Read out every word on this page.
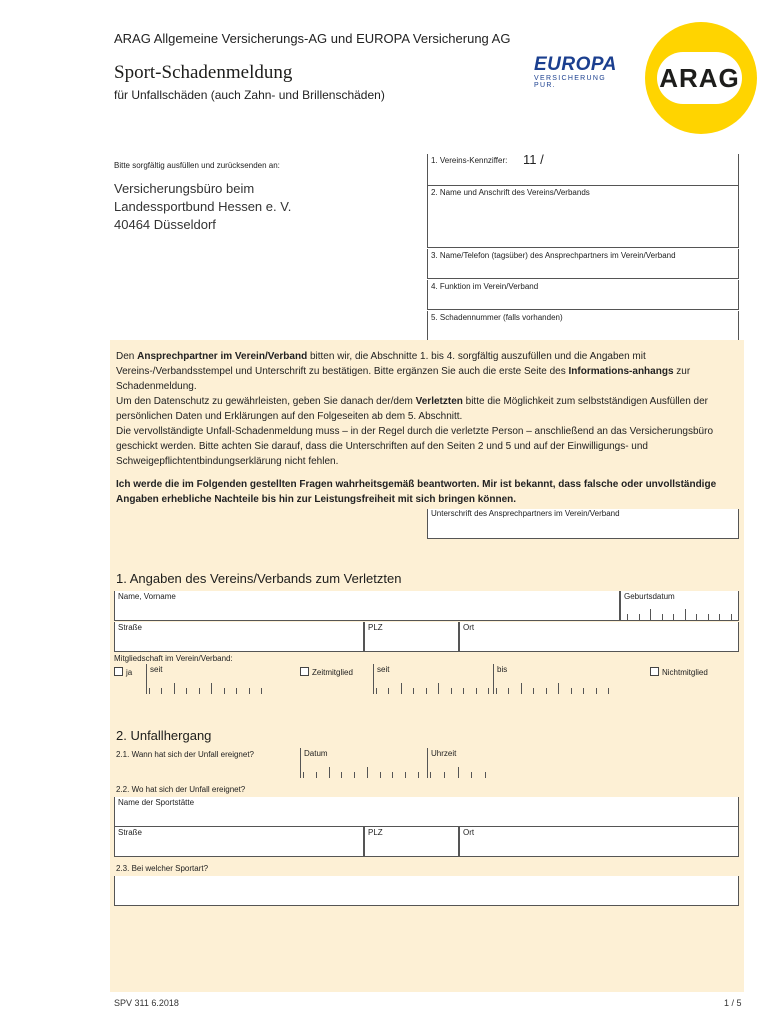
ARAG Allgemeine Versicherungs-AG und EUROPA Versicherung AG
Sport-Schadenmeldung
für Unfallschäden (auch Zahn- und Brillenschäden)
EUROPA
VERSICHERUNG PUR.	ARAG
Bitte sorgfältig ausfüllen und zurücksenden an:
Versicherungsbüro beim
Landessportbund Hessen e. V.
40464 Düsseldorf
1. Vereins-Kennziffer: 11 /
2. Name und Anschrift des Vereins/Verbands
3. Name/Telefon (tagsüber) des Ansprechpartners im Verein/Verband
4. Funktion im Verein/Verband
5. Schadennummer (falls vorhanden)
Den Ansprechpartner im Verein/Verband bitten wir, die Abschnitte 1. bis 4. sorgfältig auszufüllen und die Angaben mit Vereins-/Verbandsstempel und Unterschrift zu bestätigen. Bitte ergänzen Sie auch die erste Seite des Informations-anhangs zur Schadenmeldung.
Um den Datenschutz zu gewährleisten, geben Sie danach der/dem Verletzten bitte die Möglichkeit zum selbstständigen Ausfüllen der persönlichen Daten und Erklärungen auf den Folgeseiten ab dem 5. Abschnitt.
Die vervollständigte Unfall-Schadenmeldung muss – in der Regel durch die verletzte Person – anschließend an das Versicherungsbüro geschickt werden. Bitte achten Sie darauf, dass die Unterschriften auf den Seiten 2 und 5 und auf der Einwilligungs- und Schweigepflichtentbindungserklärung nicht fehlen.
Ich werde die im Folgenden gestellten Fragen wahrheitsgemäß beantworten. Mir ist bekannt, dass falsche oder unvollständige Angaben erhebliche Nachteile bis hin zur Leistungsfreiheit mit sich bringen können.
Unterschrift des Ansprechpartners im Verein/Verband
1. Angaben des Vereins/Verbands zum Verletzten
Name, Vorname	Geburtsdatum
Straße	PLZ	Ort
Mitgliedschaft im Verein/Verband:
ja	seit	Zeitmitglied	seit	bis	Nichtmitglied
2. Unfallhergang
2.1. Wann hat sich der Unfall ereignet?	Datum	Uhrzeit
2.2. Wo hat sich der Unfall ereignet?
Name der Sportstätte
Straße	PLZ	Ort
2.3. Bei welcher Sportart?
SPV 311 6.2018	1 / 5
